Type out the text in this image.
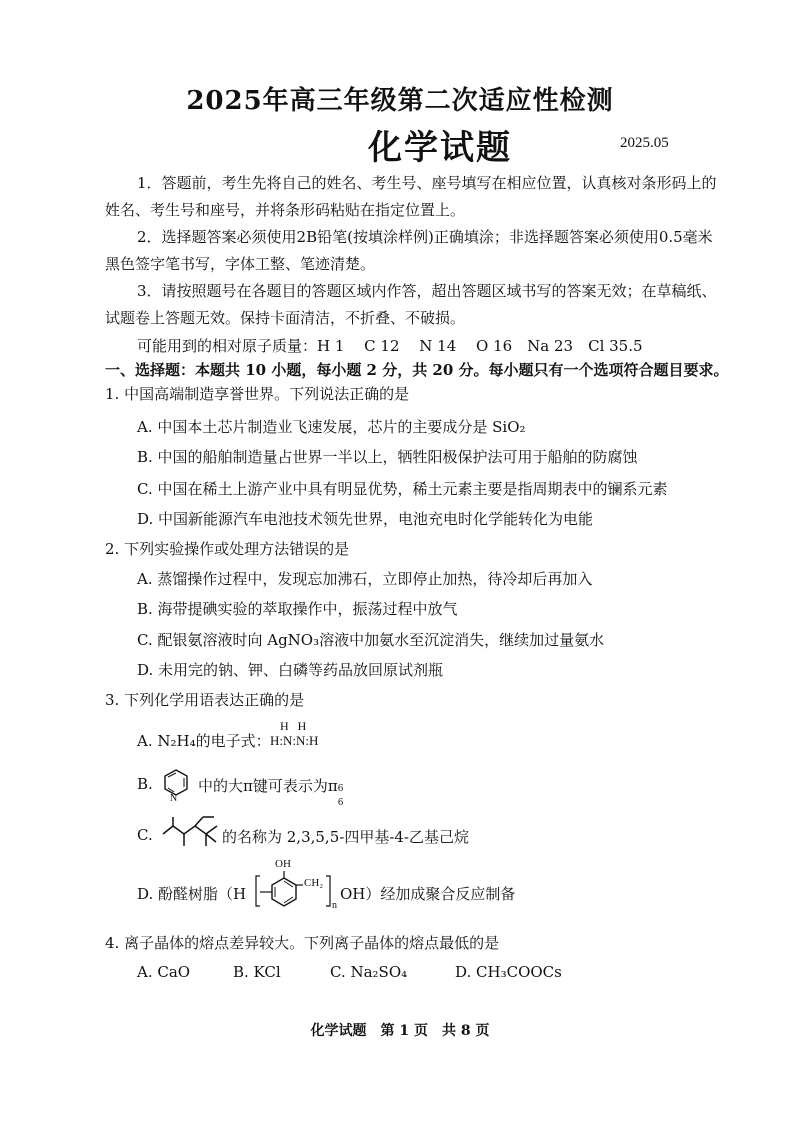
2025年高三年级第二次适应性检测
化学试题	2025.05
1．答题前，考生先将自己的姓名、考生号、座号填写在相应位置，认真核对条形码上的
姓名、考生号和座号，并将条形码粘贴在指定位置上。
2．选择题答案必须使用2B铅笔(按填涂样例)正确填涂；非选择题答案必须使用0.5毫米
黑色签字笔书写，字体工整、笔迹清楚。
3．请按照题号在各题目的答题区域内作答，超出答题区域书写的答案无效；在草稿纸、
试题卷上答题无效。保持卡面清洁，不折叠、不破损。
可能用到的相对原子质量：H 1　 C 12　 N 14　 O 16　Na 23　Cl 35.5
一、选择题：本题共 10 小题，每小题 2 分，共 20 分。每小题只有一个选项符合题目要求。
1. 中国高端制造享誉世界。下列说法正确的是
A. 中国本土芯片制造业飞速发展，芯片的主要成分是 SiO₂
B. 中国的船舶制造量占世界一半以上，牺牲阳极保护法可用于船舶的防腐蚀
C. 中国在稀土上游产业中具有明显优势，稀土元素主要是指周期表中的镧系元素
D. 中国新能源汽车电池技术领先世界，电池充电时化学能转化为电能
2. 下列实验操作或处理方法错误的是
A. 蒸馏操作过程中，发现忘加沸石，立即停止加热，待冷却后再加入
B. 海带提碘实验的萃取操作中，振荡过程中放气
C. 配银氨溶液时向 AgNO₃溶液中加氨水至沉淀消失，继续加过量氨水
D. 未用完的钠、钾、白磷等药品放回原试剂瓶
3. 下列化学用语表达正确的是
A. N₂H₄的电子式：
H H
H:N:N:H
B.
N
中的大π键可表示为π 6
6
C.	的名称为 2,3,5,5-四甲基-4-乙基己烷
D. 酚醛树脂（H
OH
CH₂
n
OH）经加成聚合反应制备
4. 离子晶体的熔点差异较大。下列离子晶体的熔点最低的是
A. CaO	B. KCl	C. Na₂SO₄	D. CH₃COOCs
化学试题　第 1 页　共 8 页
